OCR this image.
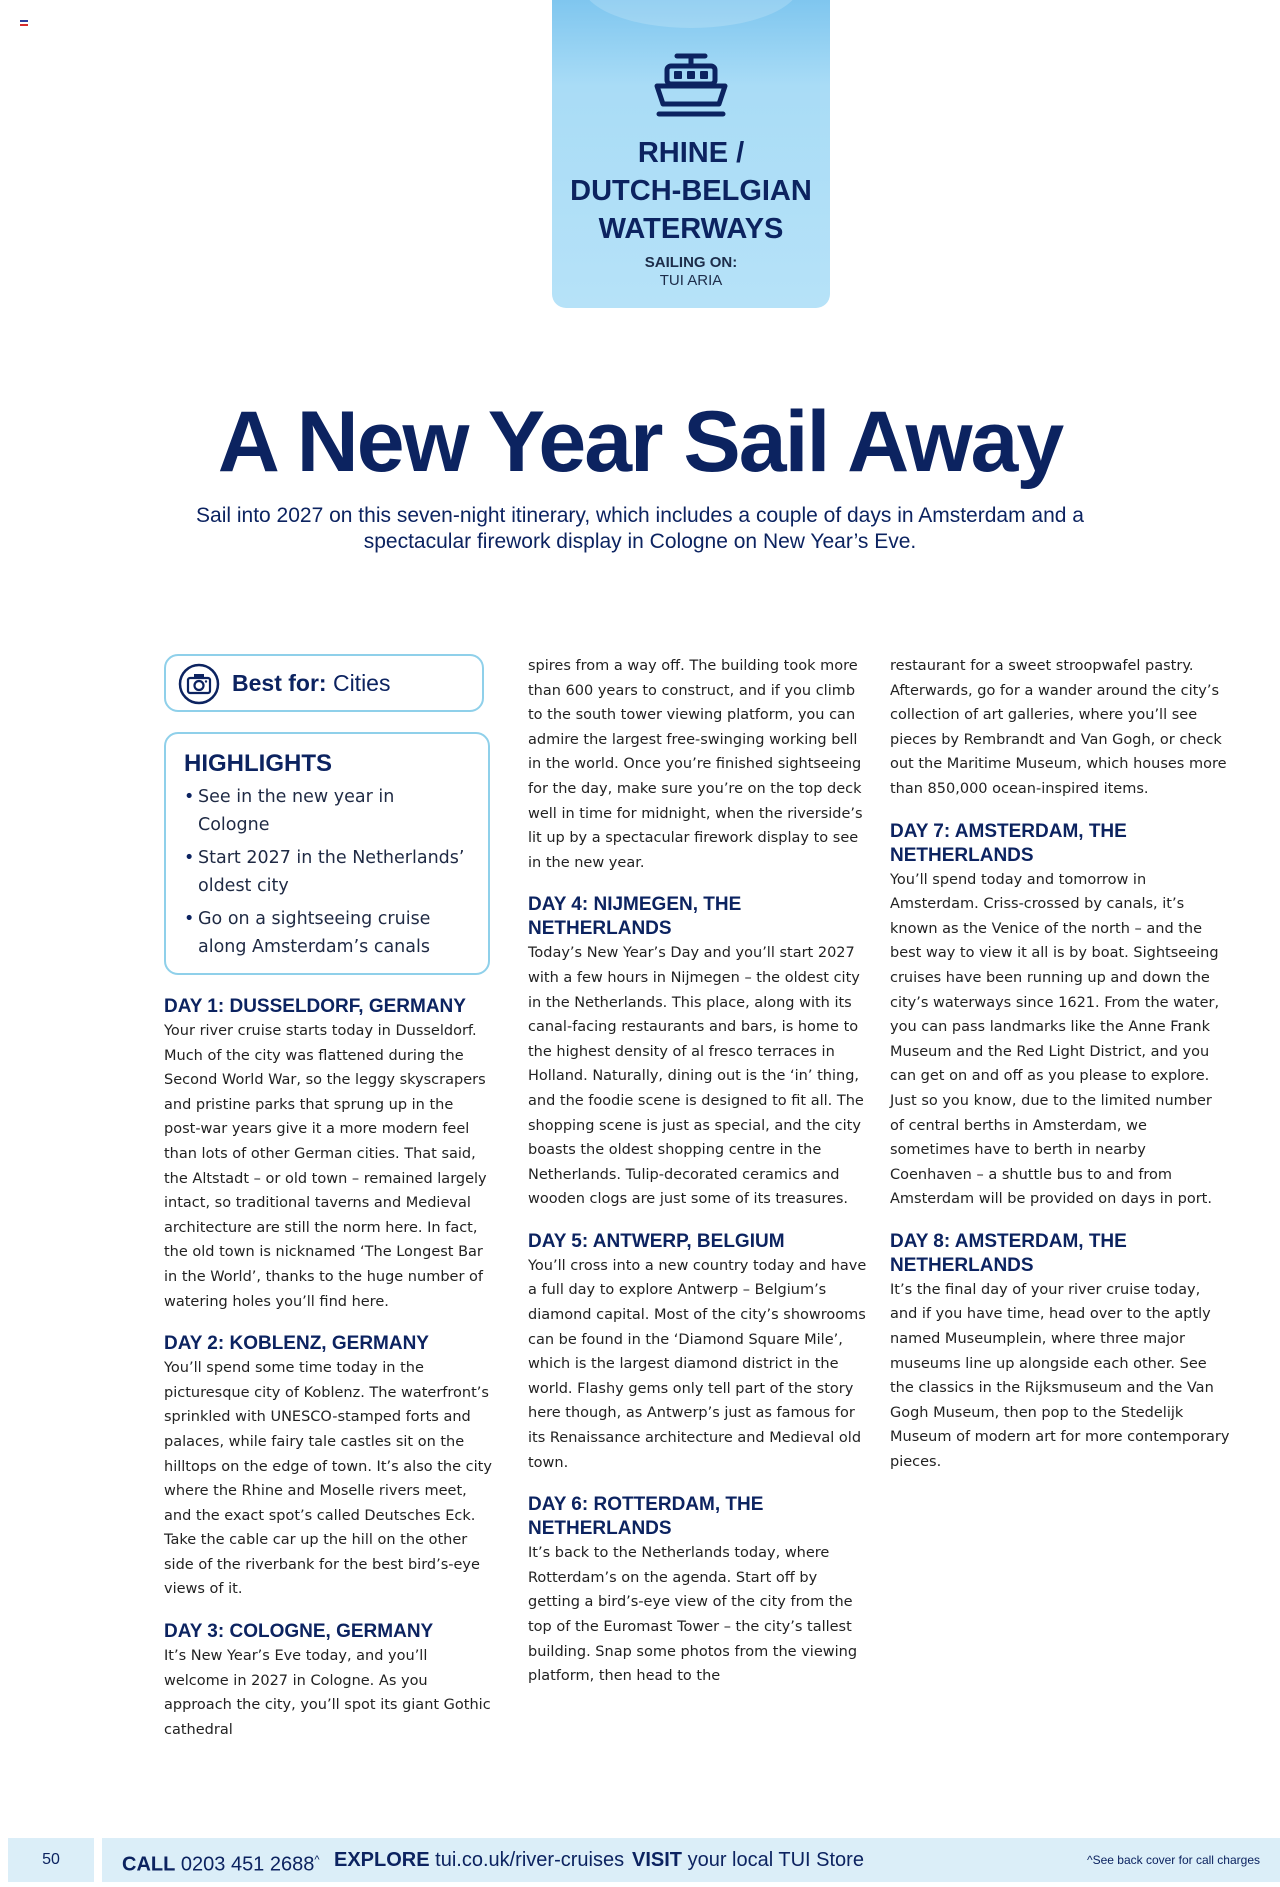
RHINE /
DUTCH-BELGIAN
WATERWAYS
SAILING ON:
TUI ARIA
A New Year Sail Away
Sail into 2027 on this seven-night itinerary, which includes a couple of days in Amsterdam and a spectacular firework display in Cologne on New Year’s Eve.
Best for: Cities
HIGHLIGHTS
• See in the new year in Cologne
• Start 2027 in the Netherlands’ oldest city
• Go on a sightseeing cruise along Amsterdam’s canals
DAY 1: DUSSELDORF, GERMANY

Your river cruise starts today in Dusseldorf. Much of the city was flattened during the Second World War, so the leggy skyscrapers and pristine parks that sprung up in the post-war years give it a more modern feel than lots of other German cities. That said, the Altstadt – or old town – remained largely intact, so traditional taverns and Medieval architecture are still the norm here. In fact, the old town is nicknamed ‘The Longest Bar in the World’, thanks to the huge number of watering holes you’ll find here.

DAY 2: KOBLENZ, GERMANY

You’ll spend some time today in the picturesque city of Koblenz. The waterfront’s sprinkled with UNESCO-stamped forts and palaces, while fairy tale castles sit on the hilltops on the edge of town. It’s also the city where the Rhine and Moselle rivers meet, and the exact spot’s called Deutsches Eck. Take the cable car up the hill on the other side of the riverbank for the best bird’s-eye views of it.

DAY 3: COLOGNE, GERMANY

It’s New Year’s Eve today, and you’ll welcome in 2027 in Cologne. As you approach the city, you’ll spot its giant Gothic cathedral

spires from a way off. The building took more than 600 years to construct, and if you climb to the south tower viewing platform, you can admire the largest free-swinging working bell in the world. Once you’re finished sightseeing for the day, make sure you’re on the top deck well in time for midnight, when the riverside’s lit up by a spectacular firework display to see in the new year.

DAY 4: NIJMEGEN, THE NETHERLANDS

Today’s New Year’s Day and you’ll start 2027 with a few hours in Nijmegen – the oldest city in the Netherlands. This place, along with its canal-facing restaurants and bars, is home to the highest density of al fresco terraces in Holland. Naturally, dining out is the ‘in’ thing, and the foodie scene is designed to fit all. The shopping scene is just as special, and the city boasts the oldest shopping centre in the Netherlands. Tulip-decorated ceramics and wooden clogs are just some of its treasures.

DAY 5: ANTWERP, BELGIUM

You’ll cross into a new country today and have a full day to explore Antwerp – Belgium’s diamond capital. Most of the city’s showrooms can be found in the ‘Diamond Square Mile’, which is the largest diamond district in the world. Flashy gems only tell part of the story here though, as Antwerp’s just as famous for its Renaissance architecture and Medieval old town.

DAY 6: ROTTERDAM, THE NETHERLANDS

It’s back to the Netherlands today, where Rotterdam’s on the agenda. Start off by getting a bird’s-eye view of the city from the top of the Euromast Tower – the city’s tallest building. Snap some photos from the viewing platform, then head to the

restaurant for a sweet stroopwafel pastry. Afterwards, go for a wander around the city’s collection of art galleries, where you’ll see pieces by Rembrandt and Van Gogh, or check out the Maritime Museum, which houses more than 850,000 ocean-inspired items.

DAY 7: AMSTERDAM, THE NETHERLANDS

You’ll spend today and tomorrow in Amsterdam. Criss-crossed by canals, it’s known as the Venice of the north – and the best way to view it all is by boat. Sightseeing cruises have been running up and down the city’s waterways since 1621. From the water, you can pass landmarks like the Anne Frank Museum and the Red Light District, and you can get on and off as you please to explore. Just so you know, due to the limited number of central berths in Amsterdam, we sometimes have to berth in nearby Coenhaven – a shuttle bus to and from Amsterdam will be provided on days in port.

DAY 8: AMSTERDAM, THE NETHERLANDS

It’s the final day of your river cruise today, and if you have time, head over to the aptly named Museumplein, where three major museums line up alongside each other. See the classics in the Rijksmuseum and the Van Gogh Museum, then pop to the Stedelijk Museum of modern art for more contemporary pieces.

50	CALL 0203 451 2688^ EXPLORE tui.co.uk/river-cruises VISIT your local TUI Store	^See back cover for call charges
